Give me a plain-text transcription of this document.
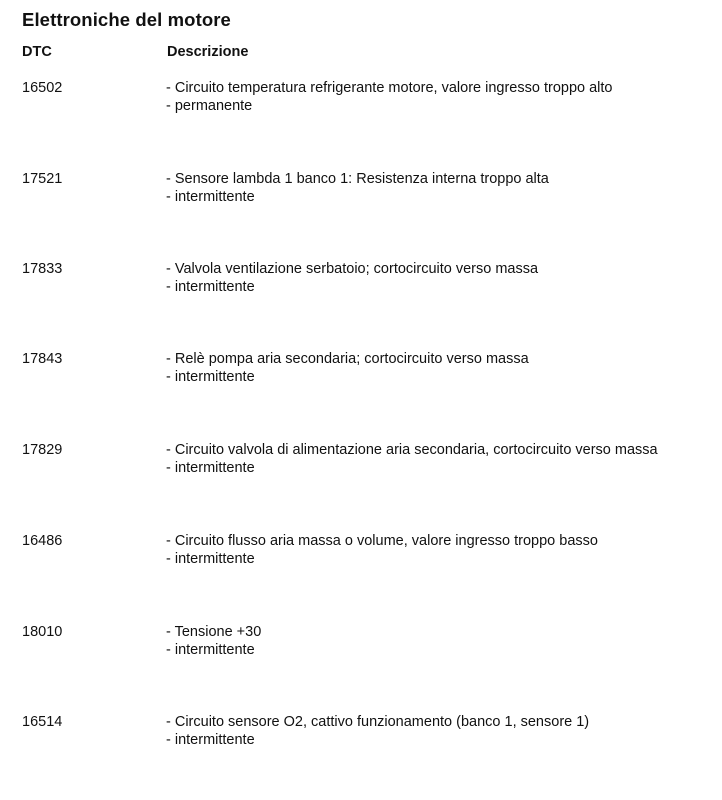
Elettroniche del motore
DTC	Descrizione
16502	- Circuito temperatura refrigerante motore, valore ingresso troppo alto
- permanente
17521	- Sensore lambda 1 banco 1: Resistenza interna troppo alta
- intermittente
17833	- Valvola ventilazione serbatoio; cortocircuito verso massa
- intermittente
17843	- Relè pompa aria secondaria; cortocircuito verso massa
- intermittente
17829	- Circuito valvola di alimentazione aria secondaria, cortocircuito verso massa
- intermittente
16486	- Circuito flusso aria massa o volume, valore ingresso troppo basso
- intermittente
18010	- Tensione +30
- intermittente
16514	- Circuito sensore O2, cattivo funzionamento (banco 1, sensore 1)
- intermittente
